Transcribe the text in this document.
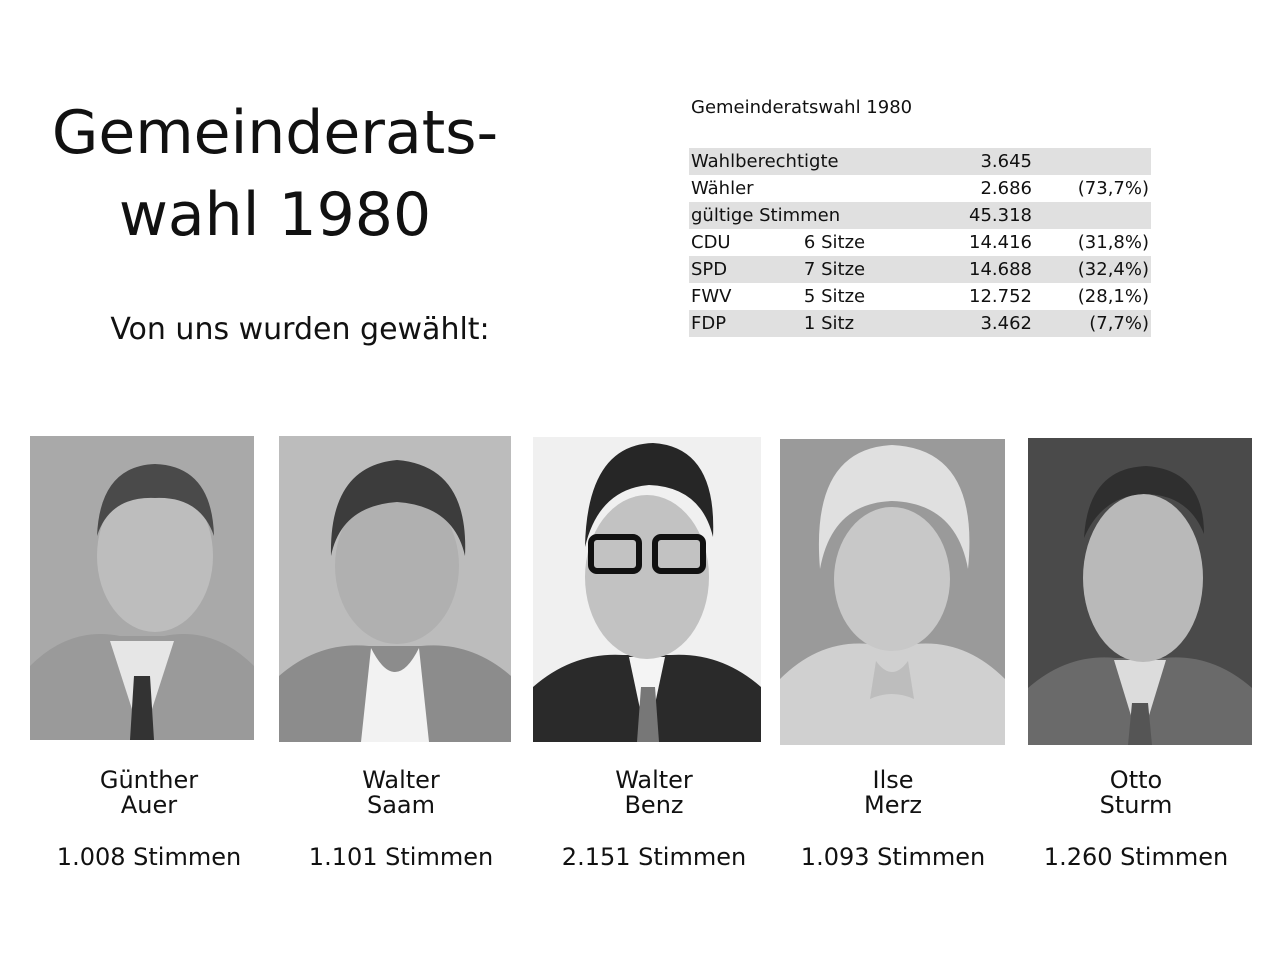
Gemeinderats-
wahl 1980
Von uns wurden gewählt:
Gemeinderatswahl 1980
Wahlberechtigte		3.645	
Wähler		2.686	(73,7%)
gültige Stimmen		45.318	
CDU	6 Sitze	14.416	(31,8%)
SPD	7 Sitze	14.688	(32,4%)
FWV	5 Sitze	12.752	(28,1%)
FDP	1 Sitz	3.462	(7,7%)
Günther
Auer
1.008 Stimmen
Walter
Saam
1.101 Stimmen
Walter
Benz
2.151 Stimmen
Ilse
Merz
1.093 Stimmen
Otto
Sturm
1.260 Stimmen
